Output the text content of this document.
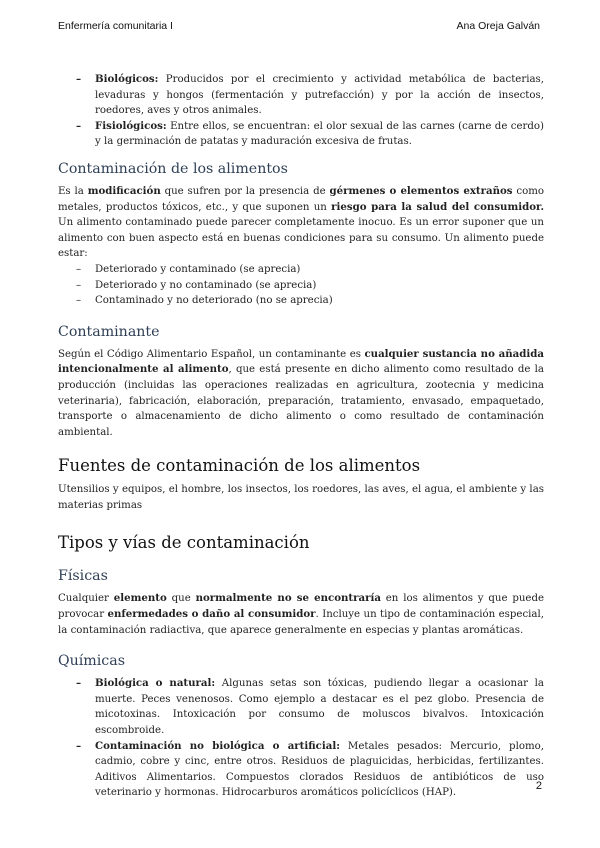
Enfermería comunitaria I	Ana Oreja Galván
– Biológicos: Producidos por el crecimiento y actividad metabólica de bacterias, levaduras y hongos (fermentación y putrefacción) y por la acción de insectos, roedores, aves y otros animales.
– Fisiológicos: Entre ellos, se encuentran: el olor sexual de las carnes (carne de cerdo) y la germinación de patatas y maduración excesiva de frutas.
Contaminación de los alimentos

Es la modificación que sufren por la presencia de gérmenes o elementos extraños como metales, productos tóxicos, etc., y que suponen un riesgo para la salud del consumidor. Un alimento contaminado puede parecer completamente inocuo. Es un error suponer que un alimento con buen aspecto está en buenas condiciones para su consumo. Un alimento puede estar:

– Deteriorado y contaminado (se aprecia)
– Deteriorado y no contaminado (se aprecia)
– Contaminado y no deteriorado (no se aprecia)
Contaminante

Según el Código Alimentario Español, un contaminante es cualquier sustancia no añadida intencionalmente al alimento, que está presente en dicho alimento como resultado de la producción (incluidas las operaciones realizadas en agricultura, zootecnia y medicina veterinaria), fabricación, elaboración, preparación, tratamiento, envasado, empaquetado, transporte o almacenamiento de dicho alimento o como resultado de contaminación ambiental.

Fuentes de contaminación de los alimentos

Utensilios y equipos, el hombre, los insectos, los roedores, las aves, el agua, el ambiente y las materias primas

Tipos y vías de contaminación
Físicas

Cualquier elemento que normalmente no se encontraría en los alimentos y que puede provocar enfermedades o daño al consumidor. Incluye un tipo de contaminación especial, la contaminación radiactiva, que aparece generalmente en especias y plantas aromáticas.

Químicas
– Biológica o natural: Algunas setas son tóxicas, pudiendo llegar a ocasionar la muerte. Peces venenosos. Como ejemplo a destacar es el pez globo. Presencia de micotoxinas. Intoxicación por consumo de moluscos bivalvos. Intoxicación escombroide.
– Contaminación no biológica o artificial: Metales pesados: Mercurio, plomo, cadmio, cobre y cinc, entre otros. Residuos de plaguicidas, herbicidas, fertilizantes. Aditivos Alimentarios. Compuestos clorados Residuos de antibióticos de uso veterinario y hormonas. Hidrocarburos aromáticos policíclicos (HAP).
2
